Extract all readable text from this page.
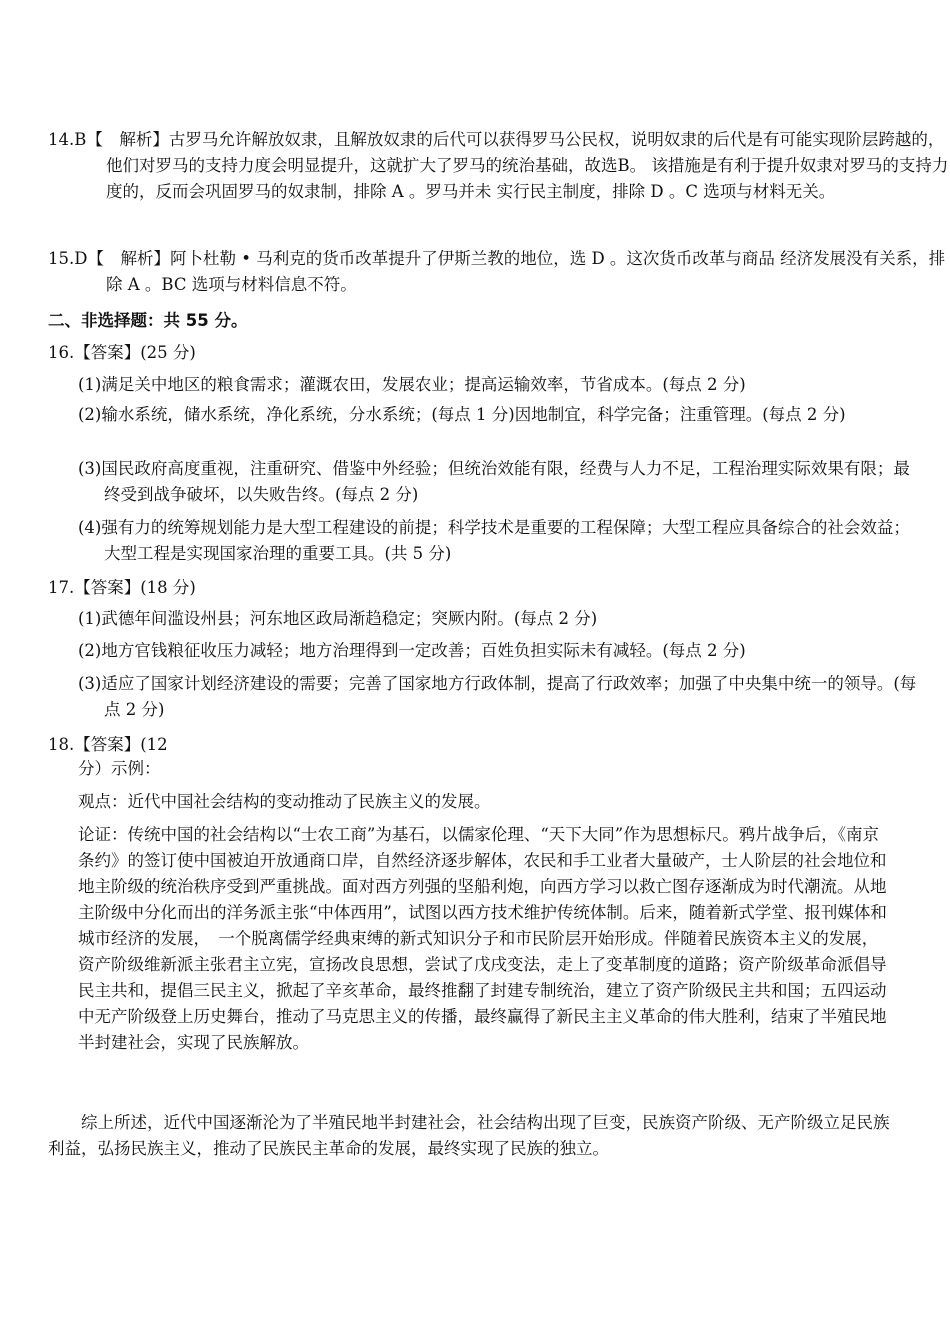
14.B【　解析】古罗马允许解放奴隶，且解放奴隶的后代可以获得罗马公民权，说明奴隶的后代是有可能实现阶层跨越的，他们对罗马的支持力度会明显提升，这就扩大了罗马的统治基础，故选B。 该措施是有利于提升奴隶对罗马的支持力度的，反而会巩固罗马的奴隶制，排除 A 。罗马并未 实行民主制度，排除 D 。C 选项与材料无关。

15.D【　解析】阿卜杜勒 • 马利克的货币改革提升了伊斯兰教的地位，选 D 。这次货币改革与商品 经济发展没有关系，排除 A 。BC 选项与材料信息不符。

二、非选择题：共 55 分。

16.【答案】(25 分)

(1)满足关中地区的粮食需求；灌溉农田，发展农业；提高运输效率，节省成本。(每点 2 分)

(2)输水系统，储水系统，净化系统，分水系统；(每点 1 分)因地制宜，科学完备；注重管理。(每点 2 分)

(3)国民政府高度重视，注重研究、借鉴中外经验；但统治效能有限，经费与人力不足，工程治理实际效果有限；最终受到战争破坏，以失败告终。(每点 2 分)

(4)强有力的统筹规划能力是大型工程建设的前提；科学技术是重要的工程保障；大型工程应具备综合的社会效益；大型工程是实现国家治理的重要工具。(共 5 分)

17.【答案】(18 分)

(1)武德年间滥设州县；河东地区政局渐趋稳定；突厥内附。(每点 2 分)

(2)地方官钱粮征收压力减轻；地方治理得到一定改善；百姓负担实际未有减轻。(每点 2 分)

(3)适应了国家计划经济建设的需要；完善了国家地方行政体制，提高了行政效率；加强了中央集中统一的领导。(每点 2 分)

18.【答案】(12

分）示例：

观点：近代中国社会结构的变动推动了民族主义的发展。

论证：传统中国的社会结构以“士农工商”为基石，以儒家伦理、“天下大同”作为思想标尺。鸦片战争后，《南京条约》的签订使中国被迫开放通商口岸，自然经济逐步解体，农民和手工业者大量破产，士人阶层的社会地位和地主阶级的统治秩序受到严重挑战。面对西方列强的坚船利炮，向西方学习以救亡图存逐渐成为时代潮流。从地主阶级中分化而出的洋务派主张“中体西用”，试图以西方技术维护传统体制。后来，随着新式学堂、报刊媒体和城市经济的发展，　一个脱离儒学经典束缚的新式知识分子和市民阶层开始形成。伴随着民族资本主义的发展，资产阶级维新派主张君主立宪，宣扬改良思想，尝试了戊戌变法，走上了变革制度的道路；资产阶级革命派倡导民主共和，提倡三民主义，掀起了辛亥革命，最终推翻了封建专制统治，建立了资产阶级民主共和国；五四运动中无产阶级登上历史舞台，推动了马克思主义的传播，最终赢得了新民主主义革命的伟大胜利，结束了半殖民地半封建社会，实现了民族解放。

综上所述，近代中国逐渐沦为了半殖民地半封建社会，社会结构出现了巨变，民族资产阶级、无产阶级立足民族利益，弘扬民族主义，推动了民族民主革命的发展，最终实现了民族的独立。
